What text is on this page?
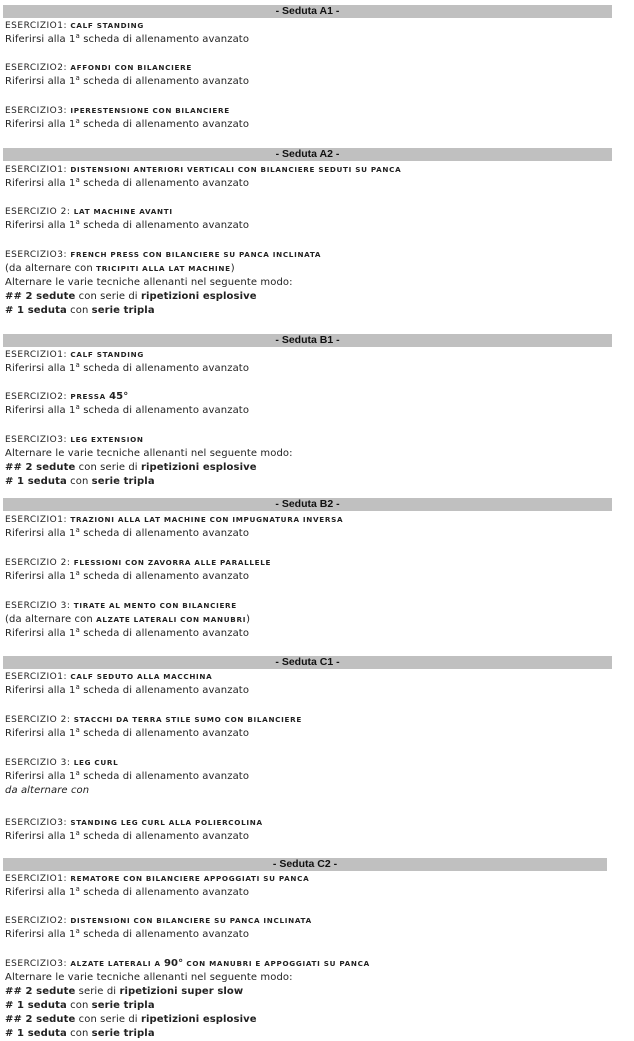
- Seduta A1 -
ESERCIZIO1: CALF STANDING
Riferirsi alla 1$^a$ scheda di allenamento avanzato
ESERCIZIO2: AFFONDI CON BILANCIERE
Riferirsi alla 1$^a$ scheda di allenamento avanzato
ESERCIZIO3: IPERESTENSIONE CON BILANCIERE
Riferirsi alla 1$^a$ scheda di allenamento avanzato
- Seduta A2 -
ESERCIZIO1: DISTENSIONI ANTERIORI VERTICALI CON BILANCIERE SEDUTI SU PANCA
Riferirsi alla 1$^a$ scheda di allenamento avanzato
ESERCIZIO 2: LAT MACHINE AVANTI
Riferirsi alla 1$^a$ scheda di allenamento avanzato
ESERCIZIO3: FRENCH PRESS CON BILANCIERE SU PANCA INCLINATA
(da alternare con TRICIPITI ALLA LAT MACHINE)
Alternare le varie tecniche allenanti nel seguente modo:
## 2 sedute con serie di ripetizioni esplosive
# 1 seduta con serie tripla
- Seduta B1 -
ESERCIZIO1: CALF STANDING
Riferirsi alla 1$^a$ scheda di allenamento avanzato
ESERCIZIO2: PRESSA 45°
Riferirsi alla 1$^a$ scheda di allenamento avanzato
ESERCIZIO3: LEG EXTENSION
Alternare le varie tecniche allenanti nel seguente modo:
## 2 sedute con serie di ripetizioni esplosive
# 1 seduta con serie tripla
- Seduta B2 -
ESERCIZIO1: TRAZIONI ALLA LAT MACHINE CON IMPUGNATURA INVERSA
Riferirsi alla 1$^a$ scheda di allenamento avanzato
ESERCIZIO 2: FLESSIONI CON ZAVORRA ALLE PARALLELE
Riferirsi alla 1$^a$ scheda di allenamento avanzato
ESERCIZIO 3: TIRATE AL MENTO CON BILANCIERE
(da alternare con ALZATE LATERALI CON MANUBRI)
Riferirsi alla 1$^a$ scheda di allenamento avanzato
- Seduta C1 -
ESERCIZIO1: CALF SEDUTO ALLA MACCHINA
Riferirsi alla 1$^a$ scheda di allenamento avanzato
ESERCIZIO 2: STACCHI DA TERRA STILE SUMO CON BILANCIERE
Riferirsi alla 1$^a$ scheda di allenamento avanzato
ESERCIZIO 3: LEG CURL
Riferirsi alla 1$^a$ scheda di allenamento avanzato
da alternare con
ESERCIZIO3: STANDING LEG CURL ALLA POLIERCOLINA
Riferirsi alla 1$^a$ scheda di allenamento avanzato
- Seduta C2 -
ESERCIZIO1: REMATORE CON BILANCIERE APPOGGIATI SU PANCA
Riferirsi alla 1$^a$ scheda di allenamento avanzato
ESERCIZIO2: DISTENSIONI CON BILANCIERE SU PANCA INCLINATA
Riferirsi alla 1$^a$ scheda di allenamento avanzato
ESERCIZIO3: ALZATE LATERALI A 90° CON MANUBRI E APPOGGIATI SU PANCA
Alternare le varie tecniche allenanti nel seguente modo:
## 2 sedute serie di ripetizioni super slow
# 1 seduta con serie tripla
## 2 sedute con serie di ripetizioni esplosive
# 1 seduta con serie tripla
